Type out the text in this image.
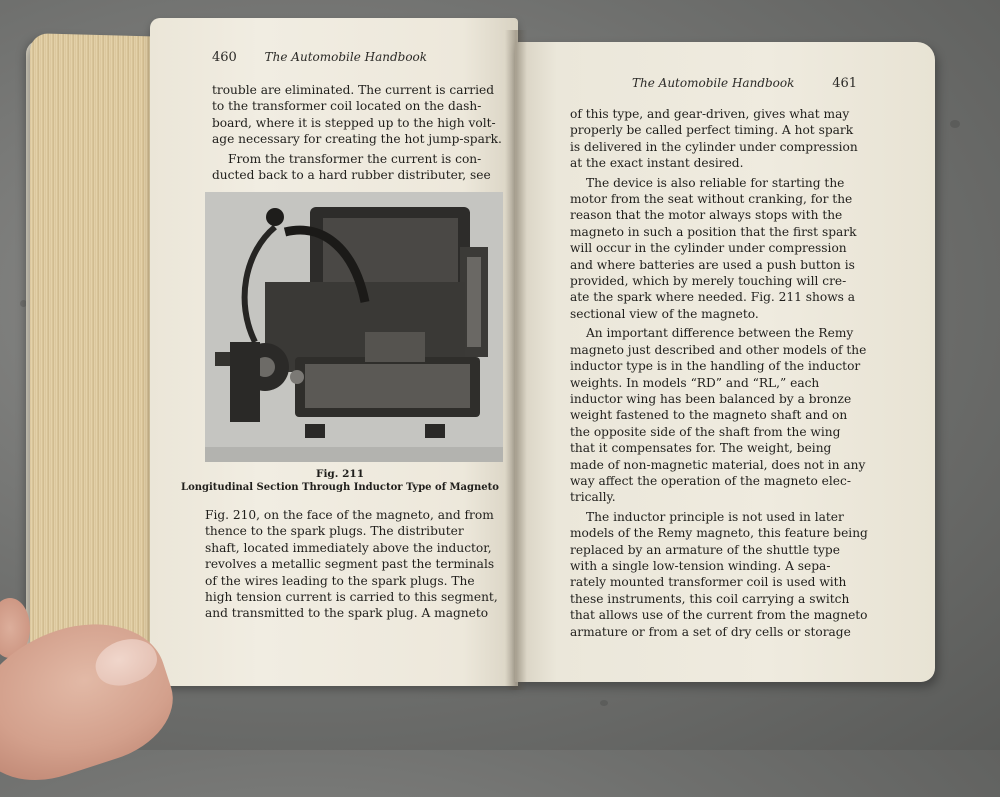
460 The Automobile Handbook
trouble are eliminated. The current is carried
to the transformer coil located on the dash-
board, where it is stepped up to the high volt-
age necessary for creating the hot jump-spark.
From the transformer the current is con-
ducted back to a hard rubber distributer, see
Fig. 211
Longitudinal Section Through Inductor Type of Magneto
Fig. 210, on the face of the magneto, and from
thence to the spark plugs. The distributer
shaft, located immediately above the inductor,
revolves a metallic segment past the terminals
of the wires leading to the spark plugs. The
high tension current is carried to this segment,
and transmitted to the spark plug. A magneto
The Automobile Handbook	461
of this type, and gear-driven, gives what may
properly be called perfect timing. A hot spark
is delivered in the cylinder under compression
at the exact instant desired.
The device is also reliable for starting the
motor from the seat without cranking, for the
reason that the motor always stops with the
magneto in such a position that the first spark
will occur in the cylinder under compression
and where batteries are used a push button is
provided, which by merely touching will cre-
ate the spark where needed. Fig. 211 shows a
sectional view of the magneto.
An important difference between the Remy
magneto just described and other models of the
inductor type is in the handling of the inductor
weights. In models “RD” and “RL,” each
inductor wing has been balanced by a bronze
weight fastened to the magneto shaft and on
the opposite side of the shaft from the wing
that it compensates for. The weight, being
made of non-magnetic material, does not in any
way affect the operation of the magneto elec-
trically.
The inductor principle is not used in later
models of the Remy magneto, this feature being
replaced by an armature of the shuttle type
with a single low-tension winding. A sepa-
rately mounted transformer coil is used with
these instruments, this coil carrying a switch
that allows use of the current from the magneto
armature or from a set of dry cells or storage
